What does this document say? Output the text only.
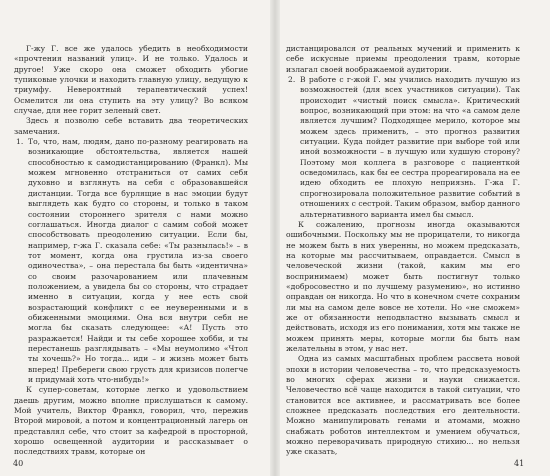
Г-жу Г. все же удалось убедить в необходимости «прочтения названий улиц». И не только. Удалось и другое! Уже скоро она сможет обходить убогие тупиковые улочки и находить главную улицу, ведущую к триумфу. Невероятный терапевтический успех! Осмелится ли она ступить на эту улицу? Во всяком случае, для нее горит зеленый свет.

Здесь я позволю себе вставить два теоретических замечания.

1. То, что, нам, людям, дано по-разному реагировать на возникающие обстоятельства, является нашей способностью к самодистанцированию (Франкл). Мы можем мгновенно отстраниться от самих себя духовно и взглянуть на себя с образовавшейся дистанции. Тогда все бурлящие в нас эмоции будут выглядеть как будто со стороны, и только в таком состоянии стороннего зрителя с нами можно соглашаться. Иногда диалог с самим собой может способствовать преодолению ситуации. Если бы, например, г-жа Г. сказала себе: «Ты разнылась!» – в тот момент, когда она грустила из-за своего одиночества», – она перестала бы быть «идентична» со своим разочарованием или плачевным положением, а увидела бы со стороны, что страдает именно в ситуации, когда у нее есть свой возрастающий конфликт с ее неуверенными и в обиженными эмоциями. Она вся внутри себя не могла бы сказать следующее: «А! Пусть это разражается! Найди и ты себе хорошее хобби, и ты перестанешь разглядывать – «Мы неумолимо «Чтол ты хочешь?» Но тогда... иди – и жизнь может быть вперед! Пребереги свою грусть для кризисов полегче и придумай хоть что-нибудь!»

К супер-советам, которые легко и удовольствием даешь другим, можно вполне прислушаться к самому. Мой учитель, Виктор Франкл, говорил, что, пережив Второй мировой, а потом и концентрационный лагерь он представлял себе, что стоит за кафедрой в просторной, хорошо освещенной аудитории и рассказывает о последствиях травм, которые он

дистанцировался от реальных мучений и применить к себе искусные приемы преодоления травм, которые излагал своей воображаемой аудитории.

2. В работе с г-жой Г. мы учились находить лучшую из возможностей (для всех участников ситуации). Так происходит «чистый поиск смысла». Критический вопрос, возникающий при этом: на что «а самом деле является лучшим? Подходящее мерило, которое мы можем здесь применить, – это прогноз развития ситуации. Куда пойдет развитие при выборе той или иной возможности – в лучшую или худшую сторону? Поэтому моя коллега в разговоре с пациенткой осведомилась, как бы ее сестра прореагировала на ее идею обходить ее плохую неприязнь. Г-жа Г. спрогнозировала положительное развитие событий в отношениях с сестрой. Таким образом, выбор данного альтернативного варианта имел бы смысл.

К сожалению, прогнозы иногда оказываются ошибочными. Поскольку мы не прорицатели, то никогда не можем быть в них уверенны, но можем предсказать, на которые мы рассчитываем, оправдается. Смысл в человеческой жизни (такой, каким мы его воспринимаем) может быть постигнут только «добросовестно и по лучшему разумению», но истинно оправдан он никогда. Но что в конечном счете сохраним ли мы на самом деле вовсе не хотели. Но «не сможем» же от обязанности неподвластно вызывать смысл и действовать, исходя из его понимания, хотя мы также не можем принять меры, которые могли бы быть нам желательны в этом, у нас нет.

Одна из самых масштабных проблем рассвета новой эпохи в истории человечества – то, что предсказуемость во многих сферах жизни и науки снижается. Человечество всё чаще находится в такой ситуации, что становится все активнее, и рассматривать все более сложнее предсказать последствия его деятельности. Можно манипулировать генами и атомами, можно снабжать роботов интеллектом и умением обучаться, можно переворачивать природную стихию... но нельзя уже сказать,

40	41
